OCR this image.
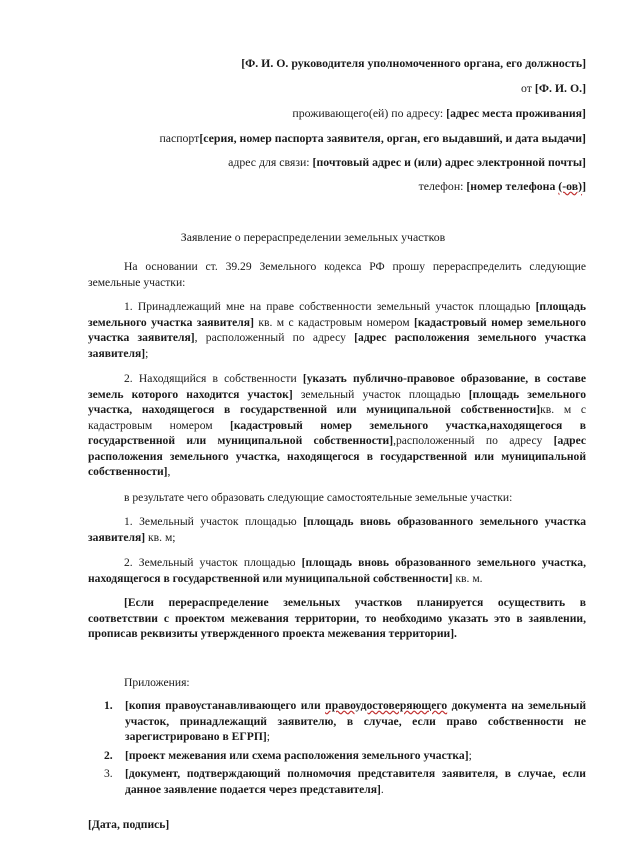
[Ф. И. О. руководителя уполномоченного органа, его должность]
от [Ф. И. О.]
проживающего(ей) по адресу: [адрес места проживания]
паспорт[серия, номер паспорта заявителя, орган, его выдавший, и дата выдачи]
адрес для связи: [почтовый адрес и (или) адрес электронной почты]
телефон: [номер телефона (-ов)]
Заявление о перераспределении земельных участков
На основании ст. 39.29 Земельного кодекса РФ прошу перераспределить следующие земельные участки:
1. Принадлежащий мне на праве собственности земельный участок площадью [площадь земельного участка заявителя] кв. м с кадастровым номером [кадастровый номер земельного участка заявителя], расположенный по адресу [адрес расположения земельного участка заявителя];
2. Находящийся в собственности [указать публично-правовое образование, в составе земель которого находится участок] земельный участок площадью [площадь земельного участка, находящегося в государственной или муниципальной собственности]кв. м с кадастровым номером [кадастровый номер земельного участка,находящегося в государственной или муниципальной собственности],расположенный по адресу [адрес расположения земельного участка, находящегося в государственной или муниципальной собственности],
в результате чего образовать следующие самостоятельные земельные участки:
1. Земельный участок площадью [площадь вновь образованного земельного участка заявителя] кв. м;
2. Земельный участок площадью [площадь вновь образованного земельного участка, находящегося в государственной или муниципальной собственности] кв. м.
[Если перераспределение земельных участков планируется осуществить в соответствии с проектом межевания территории, то необходимо указать это в заявлении, прописав реквизиты утвержденного проекта межевания территории].
Приложения:
1. [копия правоустанавливающего или правоудостоверяющего документа на земельный участок, принадлежащий заявителю, в случае, если право собственности не зарегистрировано в ЕГРП];
2. [проект межевания или схема расположения земельного участка];
3. [документ, подтверждающий полномочия представителя заявителя, в случае, если данное заявление подается через представителя].
[Дата, подпись]
